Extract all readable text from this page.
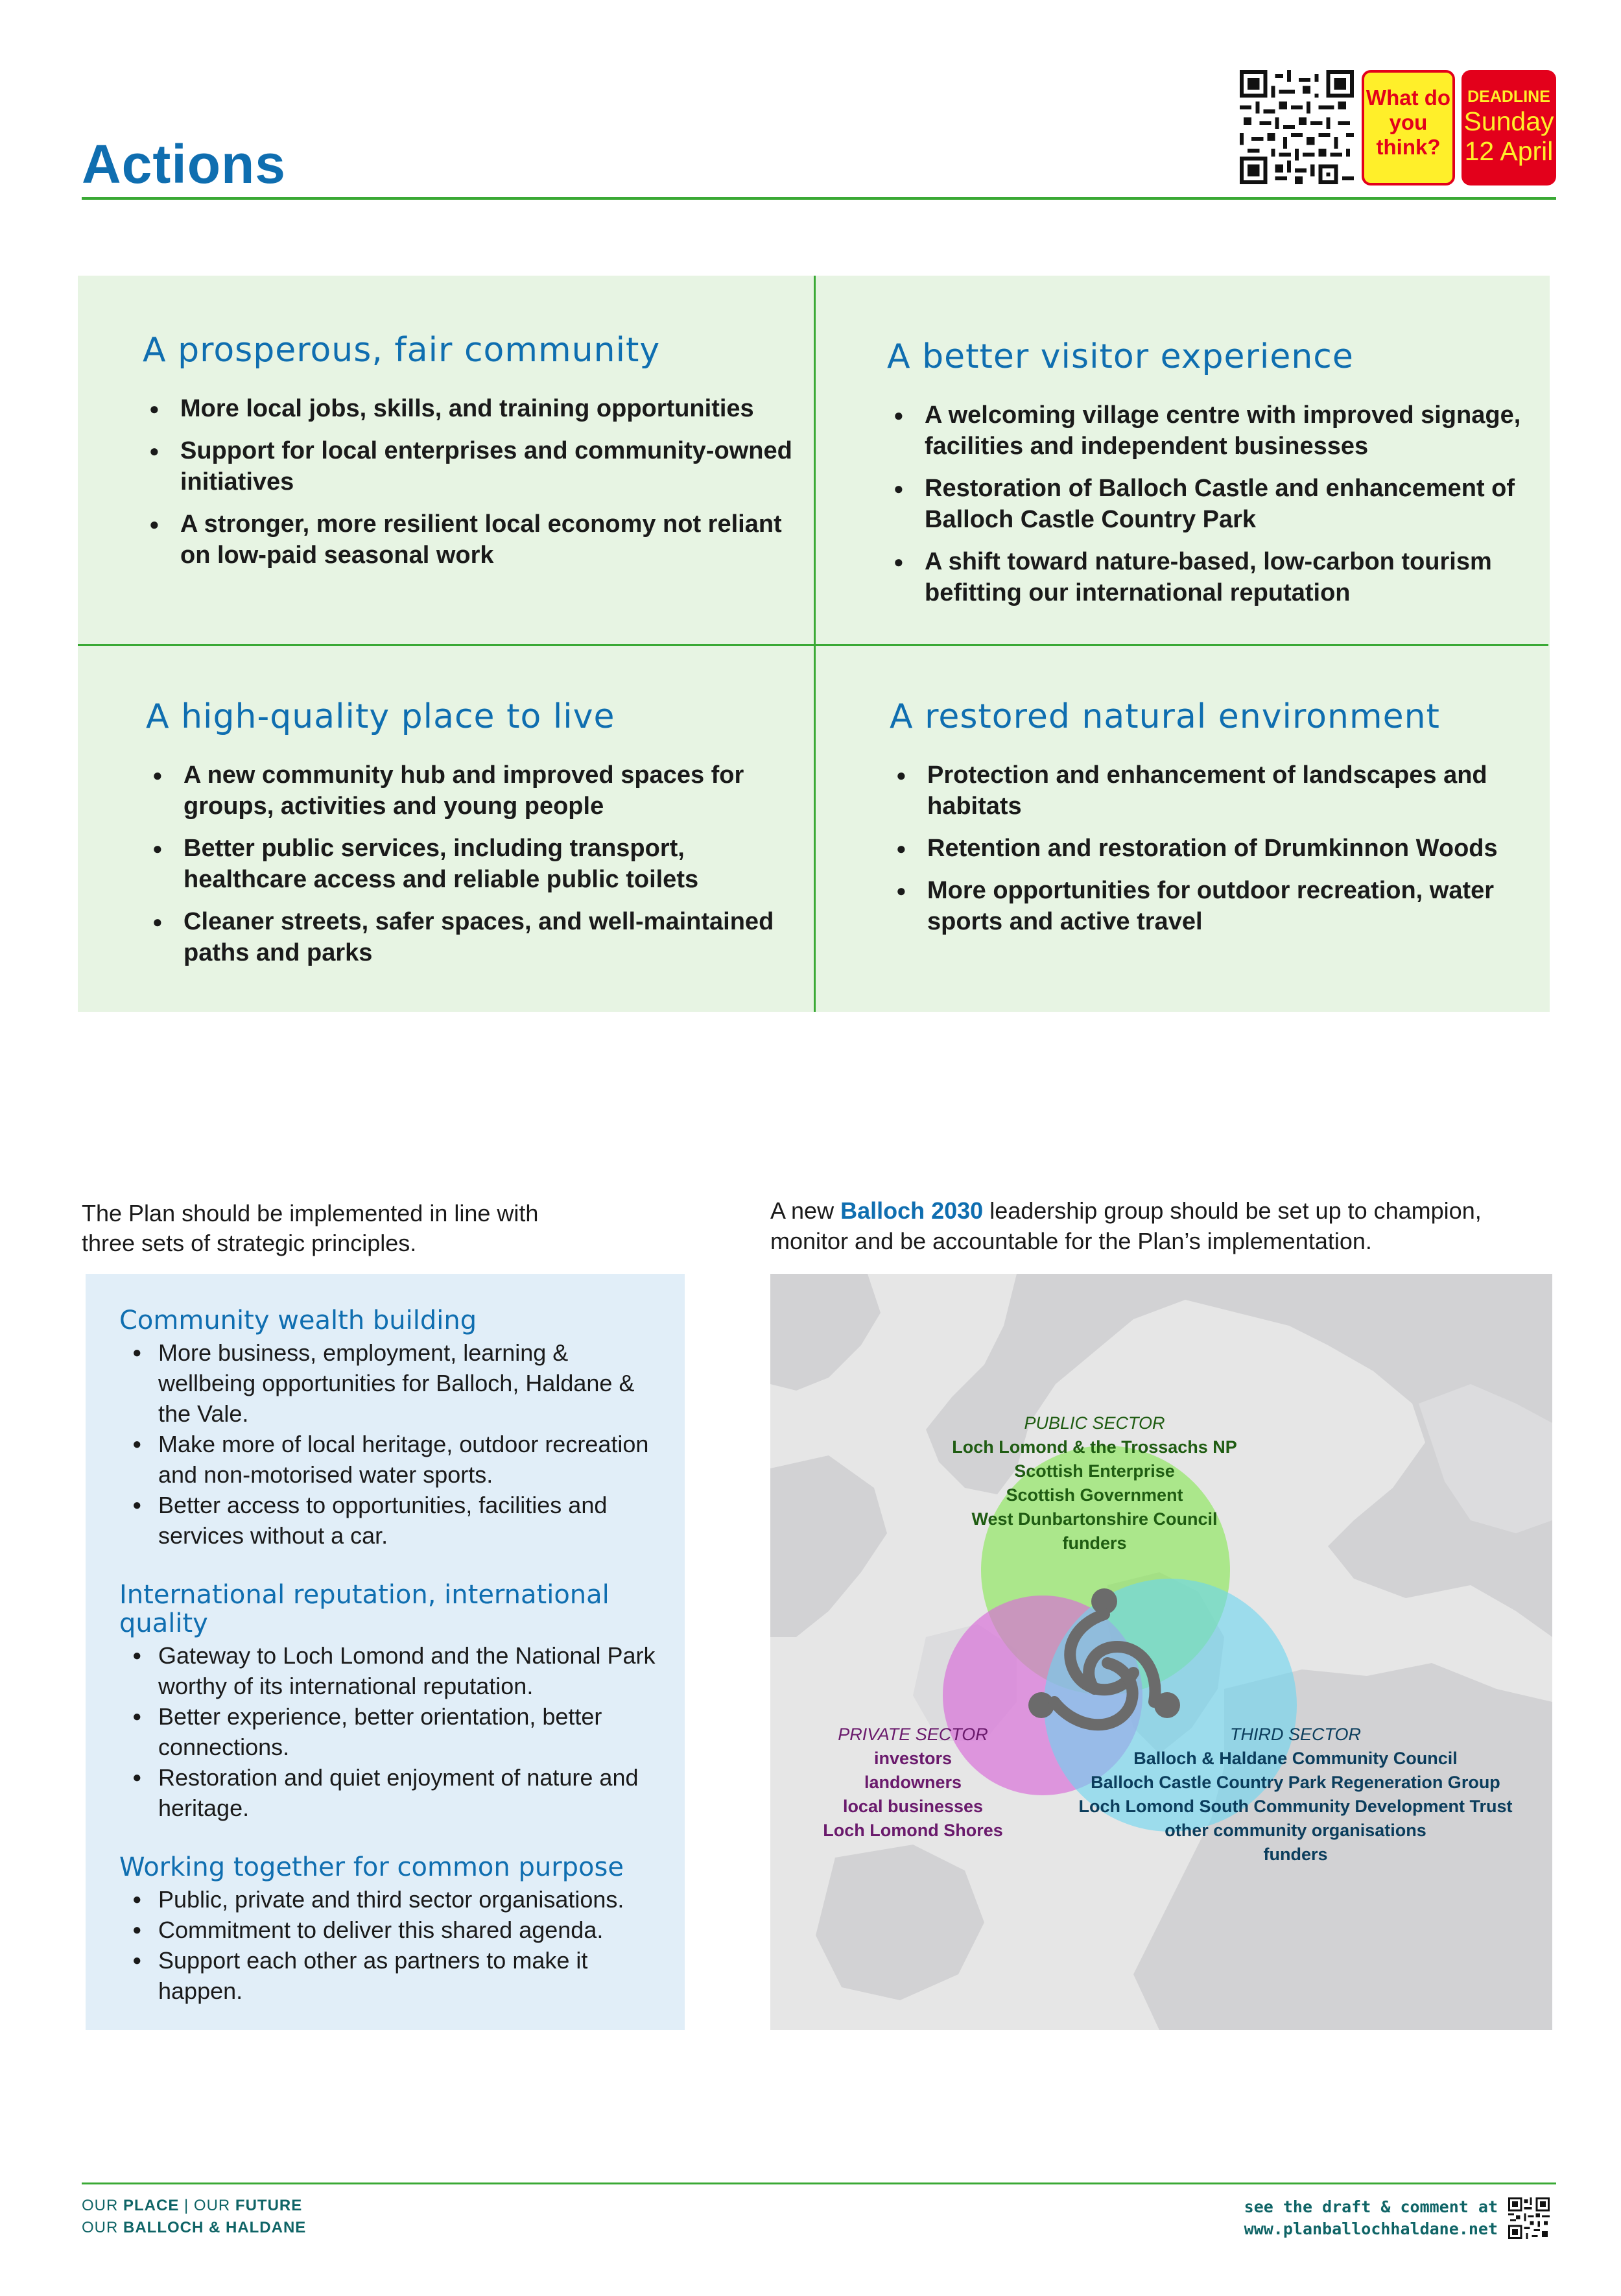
Actions
What do you think?
DEADLINE
Sunday
12 April
A prosperous, fair community
● More local jobs, skills, and training opportunities
● Support for local enterprises and community-owned initiatives
● A stronger, more resilient local economy not reliant on low-paid seasonal work
A better visitor experience
● A welcoming village centre with improved signage, facilities and independent businesses
● Restoration of Balloch Castle and enhancement of Balloch Castle Country Park
● A shift toward nature-based, low-carbon tourism befitting our international reputation
A high-quality place to live
● A new community hub and improved spaces for groups, activities and young people
● Better public services, including transport, healthcare access and reliable public toilets
● Cleaner streets, safer spaces, and well-maintained paths and parks
A restored natural environment
● Protection and enhancement of landscapes and habitats
● Retention and restoration of Drumkinnon Woods
● More opportunities for outdoor recreation, water sports and active travel

The Plan should be implemented in line with three sets of strategic principles.

Community wealth building
● More business, employment, learning & wellbeing opportunities for Balloch, Haldane & the Vale.
● Make more of local heritage, outdoor recreation and non-motorised water sports.
● Better access to opportunities, facilities and services without a car.
International reputation, international quality
● Gateway to Loch Lomond and the National Park worthy of its international reputation.
● Better experience, better orientation, better connections.
● Restoration and quiet enjoyment of nature and heritage.
Working together for common purpose
● Public, private and third sector organisations.
● Commitment to deliver this shared agenda.
● Support each other as partners to make it happen.

A new Balloch 2030 leadership group should be set up to champion, monitor and be accountable for the Plan’s implementation.

PUBLIC SECTOR
Loch Lomond & the Trossachs NP
Scottish Enterprise
Scottish Government
West Dunbartonshire Council
funders
PRIVATE SECTOR
investors
landowners
local businesses
Loch Lomond Shores
THIRD SECTOR
Balloch & Haldane Community Council
Balloch Castle Country Park Regeneration Group
Loch Lomond South Community Development Trust
other community organisations
funders
OUR PLACE | OUR FUTURE
OUR BALLOCH & HALDANE
see the draft & comment at
www.planballochhaldane.net
